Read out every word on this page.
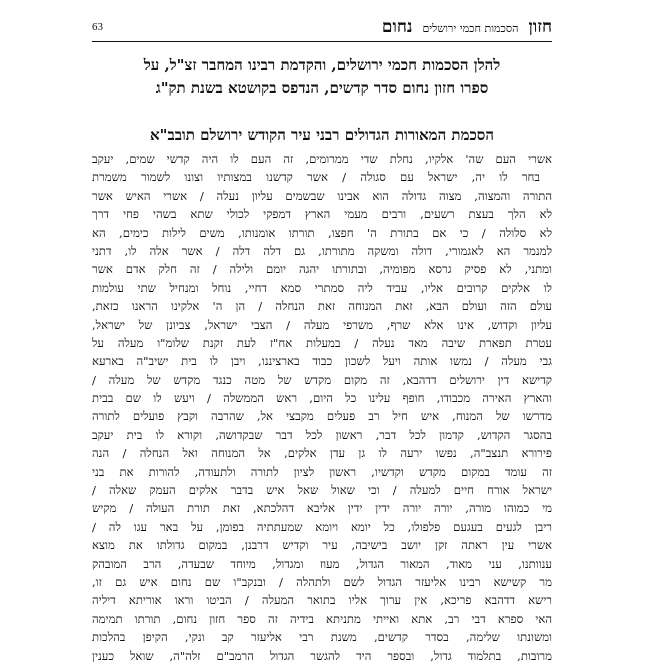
חזון
הסכמות חכמי ירושלים
נחום
63
להלן הסכמות חכמי ירושלים, והקדמת רבינו המחבר זצ"ל, על
ספרו חזון נחום סדר קדשים, הנדפס בקושטא בשנת תק"ג
הסכמת המאורות הגדולים רבני עיר הקודש ירושלם תובב"א
אשרי העם שה' אלקיו, נחלת שדי ממרומים, זה העם לו היה קדשי שמים, יעקב
בחר לו יה, ישראל עם סגולה / אשר קדשנו במצותיו וצונו לשמור משמרת
התורה והמצוה, מצוה גדולה הוא אבינו שבשמים עליון נעלה / אשרי האיש אשר
לא הלך בעצת רשעים, ורבים מעמי הארץ דמפקי לכולי שתא בשהי פחי דרך
לא סלולה / כי אם בתורת ה' חפצו, תורתו אומנותו, משים לילות כימים, הא
למנמר הא לאגמורי, דולה ומשקה מתורתו, גם דלה דלה / אשר אלה לו, דתני
ומתני, לא פסיק גרסא מפומיה, ובתורתו יהגה יומם ולילה / זה חלק אדם אשר
לו אלקים קרובים אליו, עביד ליה סמתרי סמא דחיי, נוחל ומנחיל שתי עולמות
עולם הזה ועולם הבא, זאת המנוחה זאת הנחלה / הן ה' אלקינו הראנו כזאת,
עליון וקדוש, אינו אלא שרף, משרפי מעלה / הצבי ישראל, צביונן של ישראל,
עטרת תפארת שיבה מאד נעלה / במעלות אח"ז לעת זקנת שלומ"ו מעלה על
גבי מעלה / נמשו אותה ויעל לשכון כבוד בארציננו, ויבן לו בית ישיב"ה בארעא
קדישא דין ירושלים דדהבא, זה מקום מקדש של מטה כנגד מקדש של מעלה /
והארץ האירה מכבודו, חופף עלינו כל היום, ראש הממשלה / ויעש לו שם בבית
מדרשו של המנוח, איש חיל רב פעלים מקבצי אל, שהרבה וקבץ פועלים לתורה
בהסגר הקדוש, קדמון לכל דבר, ראשון לכל דבר שבקדושה, וקורא לו בית יעקב
פירורא תנצב"ה, נפשו ירעה לו גן עדן אלקים, אל המנוחה ואל הנחלה / הנה
זה עומד במקום מקדש וקדשיו, ראשון לציון לתורה ולתעודה, להורות את בני
ישראל אורח חיים למעלה / וכי שאול שאל איש בדבר אלקים העמק שאלה /
מי כמוהו מורה, יורה יורה ידין ידין אליבא דהלכתא, זאת תורת העולה / מקיש
ריבן לגעים בעגעם פלפולו, כל יומא ויומא שמעתתיה בפומן, על באר עגו לה /
אשרי עין ראתה זקן יושב בישיבה, עיר וקדיש דרבנן, במקום גדולתו את מוצא
ענוותנו, עני מאוד, המאור הגדול, מעוז ומגדול, מיוחד שבעדה, הרב המובהק
מר קשישא רבינו אליעזר הגדול לשם ולתהלה / ובנקב"ו שם נחום איש גם זו,
רישא דדהבא פריכא, אין ערוך אליו בתואר המעלה / הביטו וראו אוריתא דיליה
האי ספרא דבי רב, אתא ואייתי מתניתא בידיה זה ספר חזון נחום, תורתו תמימה
ומשונתו שלימה, בסדר קדשים, משנת רבי אליעזר קב ונקי, הקיפן בהלכות
מרובות, בתלמוד גדול, ובספר היד להגשר הגדול הרמב"ם זלה"ה, שואל כענין
